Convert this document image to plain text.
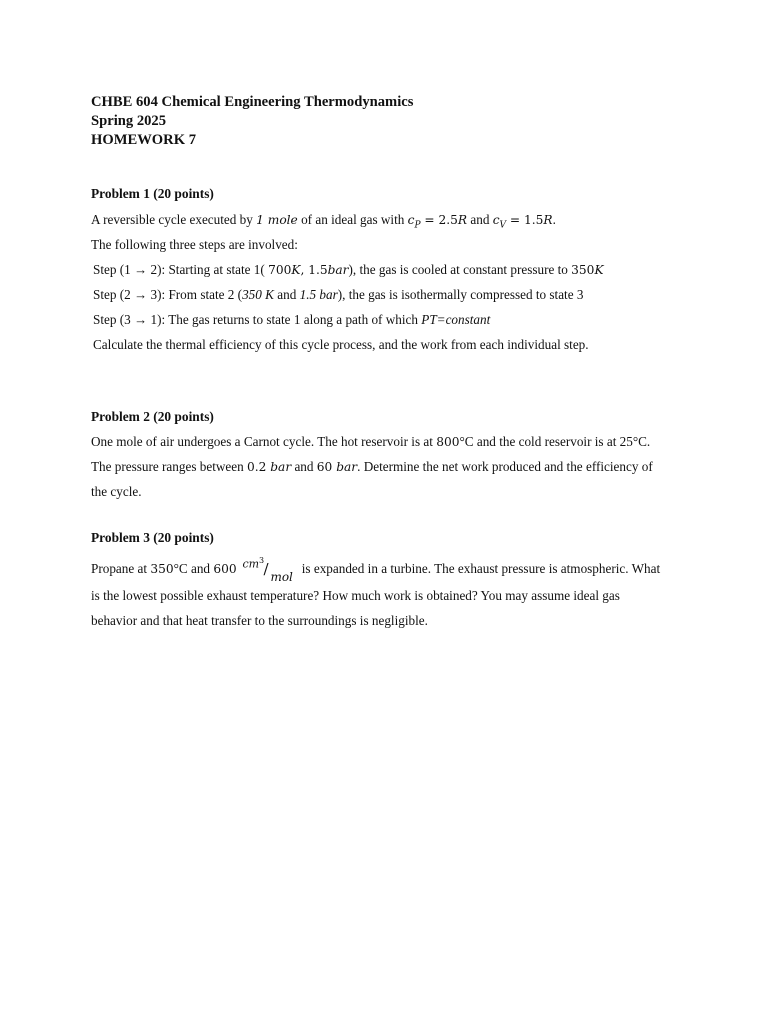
CHBE 604 Chemical Engineering Thermodynamics
Spring 2025
HOMEWORK 7
Problem 1 (20 points)
A reversible cycle executed by 1 mole of an ideal gas with $c_P = 2.5R$ and $c_V = 1.5R$.
The following three steps are involved:
Step (1 → 2): Starting at state 1( 700K, 1.5bar), the gas is cooled at constant pressure to 350K
Step (2 → 3): From state 2 (350 K and 1.5 bar), the gas is isothermally compressed to state 3
Step (3 → 1): The gas returns to state 1 along a path of which PT=constant
Calculate the thermal efficiency of this cycle process, and the work from each individual step.
Problem 2 (20 points)
One mole of air undergoes a Carnot cycle. The hot reservoir is at 800°C and the cold reservoir is at 25°C.
The pressure ranges between 0.2 bar and 60 bar. Determine the net work produced and the efficiency of
the cycle.
Problem 3 (20 points)
Propane at 350°C and 600 $cm^3$ / mol
is expanded in a turbine. The exhaust pressure is atmospheric. What
is the lowest possible exhaust temperature? How much work is obtained? You may assume ideal gas
behavior and that heat transfer to the surroundings is negligible.
